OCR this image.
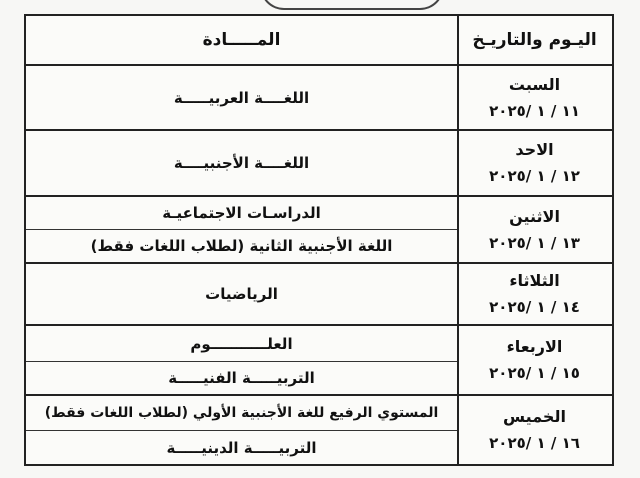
اليـوم والتاريـخ
السبت
١١ / ١ /٢٠٢٥
الاحد
١٢ / ١ /٢٠٢٥
الاثنين
١٣ / ١ /٢٠٢٥
الثلاثاء
١٤ / ١ /٢٠٢٥
الاربعاء
١٥ / ١ /٢٠٢٥
الخميس
١٦ / ١ /٢٠٢٥
المـــــادة
اللغــــة العربيـــــة
اللغــــة الأجنبيــــة
الدراسـات الاجتماعيـة
اللغة الأجنبية الثانية (لطلاب اللغات فقط)
الرياضيات
العلـــــــــــوم
التربيـــــة الفنيـــــة
المستوي الرفيع للغة الأجنبية الأولي (لطلاب اللغات فقط)
التربيـــــة الدينيـــــة
